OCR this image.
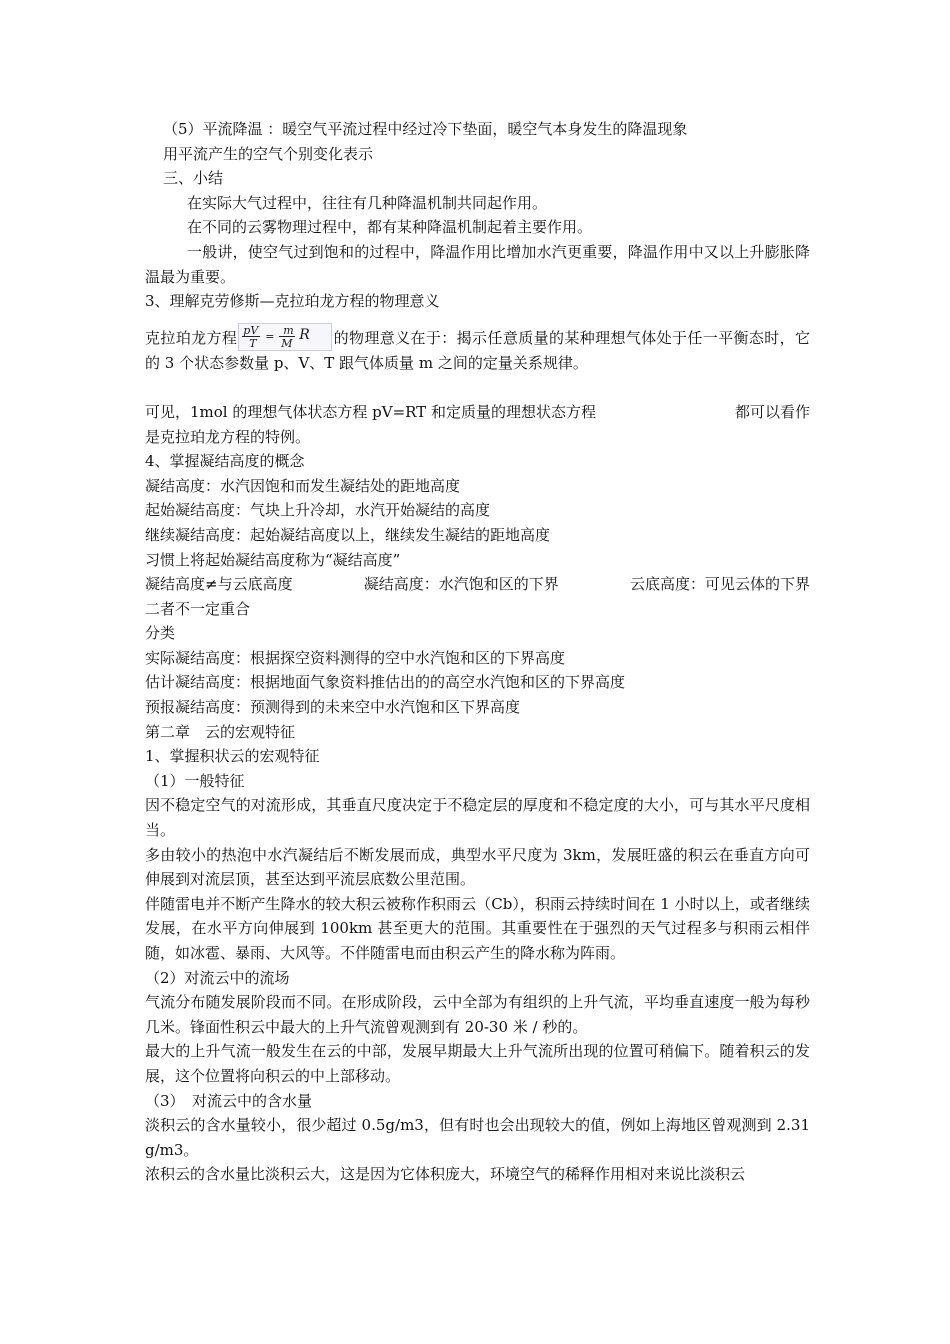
（5）平流降温 ：暖空气平流过程中经过冷下垫面，暖空气本身发生的降温现象

用平流产生的空气个别变化表示

三、小结

在实际大气过程中，往往有几种降温机制共同起作用。

在不同的云雾物理过程中，都有某种降温机制起着主要作用。

一般讲，使空气过到饱和的过程中，降温作用比增加水汽更重要，降温作用中又以上升膨胀降温最为重要。

3、理解克劳修斯—克拉珀龙方程的物理意义

克拉珀龙方程 pV
T
= m
M
R 的物理意义在于：揭示任意质量的某种理想气体处于任一平衡态时，它的 3 个状态参数量 p、V、T 跟气体质量 m 之间的定量关系规律。

可见，1mol 的理想气体状态方程 pV=RT 和定质量的理想状态方程	都可以看作

是克拉珀龙方程的特例。

4、掌握凝结高度的概念

凝结高度：水汽因饱和而发生凝结处的距地高度

起始凝结高度：气块上升冷却，水汽开始凝结的高度

继续凝结高度：起始凝结高度以上，继续发生凝结的距地高度

习惯上将起始凝结高度称为“凝结高度”

凝结高度≠与云底高度	凝结高度：水汽饱和区的下界	云底高度：可见云体的下界

二者不一定重合

分类

实际凝结高度：根据探空资料测得的空中水汽饱和区的下界高度

估计凝结高度：根据地面气象资料推估出的的高空水汽饱和区的下界高度

预报凝结高度：预测得到的未来空中水汽饱和区下界高度

第二章　云的宏观特征

1、掌握积状云的宏观特征

（1）一般特征

因不稳定空气的对流形成，其垂直尺度决定于不稳定层的厚度和不稳定度的大小，可与其水平尺度相当。

多由较小的热泡中水汽凝结后不断发展而成，典型水平尺度为 3km，发展旺盛的积云在垂直方向可伸展到对流层顶，甚至达到平流层底数公里范围。

伴随雷电并不断产生降水的较大积云被称作积雨云（Cb），积雨云持续时间在 1 小时以上，或者继续发展，在水平方向伸展到 100km 甚至更大的范围。其重要性在于强烈的天气过程多与积雨云相伴随，如冰雹、暴雨、大风等。不伴随雷电而由积云产生的降水称为阵雨。

（2）对流云中的流场

气流分布随发展阶段而不同。在形成阶段，云中全部为有组织的上升气流，平均垂直速度一般为每秒几米。锋面性积云中最大的上升气流曾观测到有 20-30 米 / 秒的。

最大的上升气流一般发生在云的中部，发展早期最大上升气流所出现的位置可稍偏下。随着积云的发展，这个位置将向积云的中上部移动。

（3）　对流云中的含水量

淡积云的含水量较小，很少超过 0.5g/m3，但有时也会出现较大的值，例如上海地区曾观测到 2.31 g/m3。

浓积云的含水量比淡积云大，这是因为它体积庞大，环境空气的稀释作用相对来说比淡积云
